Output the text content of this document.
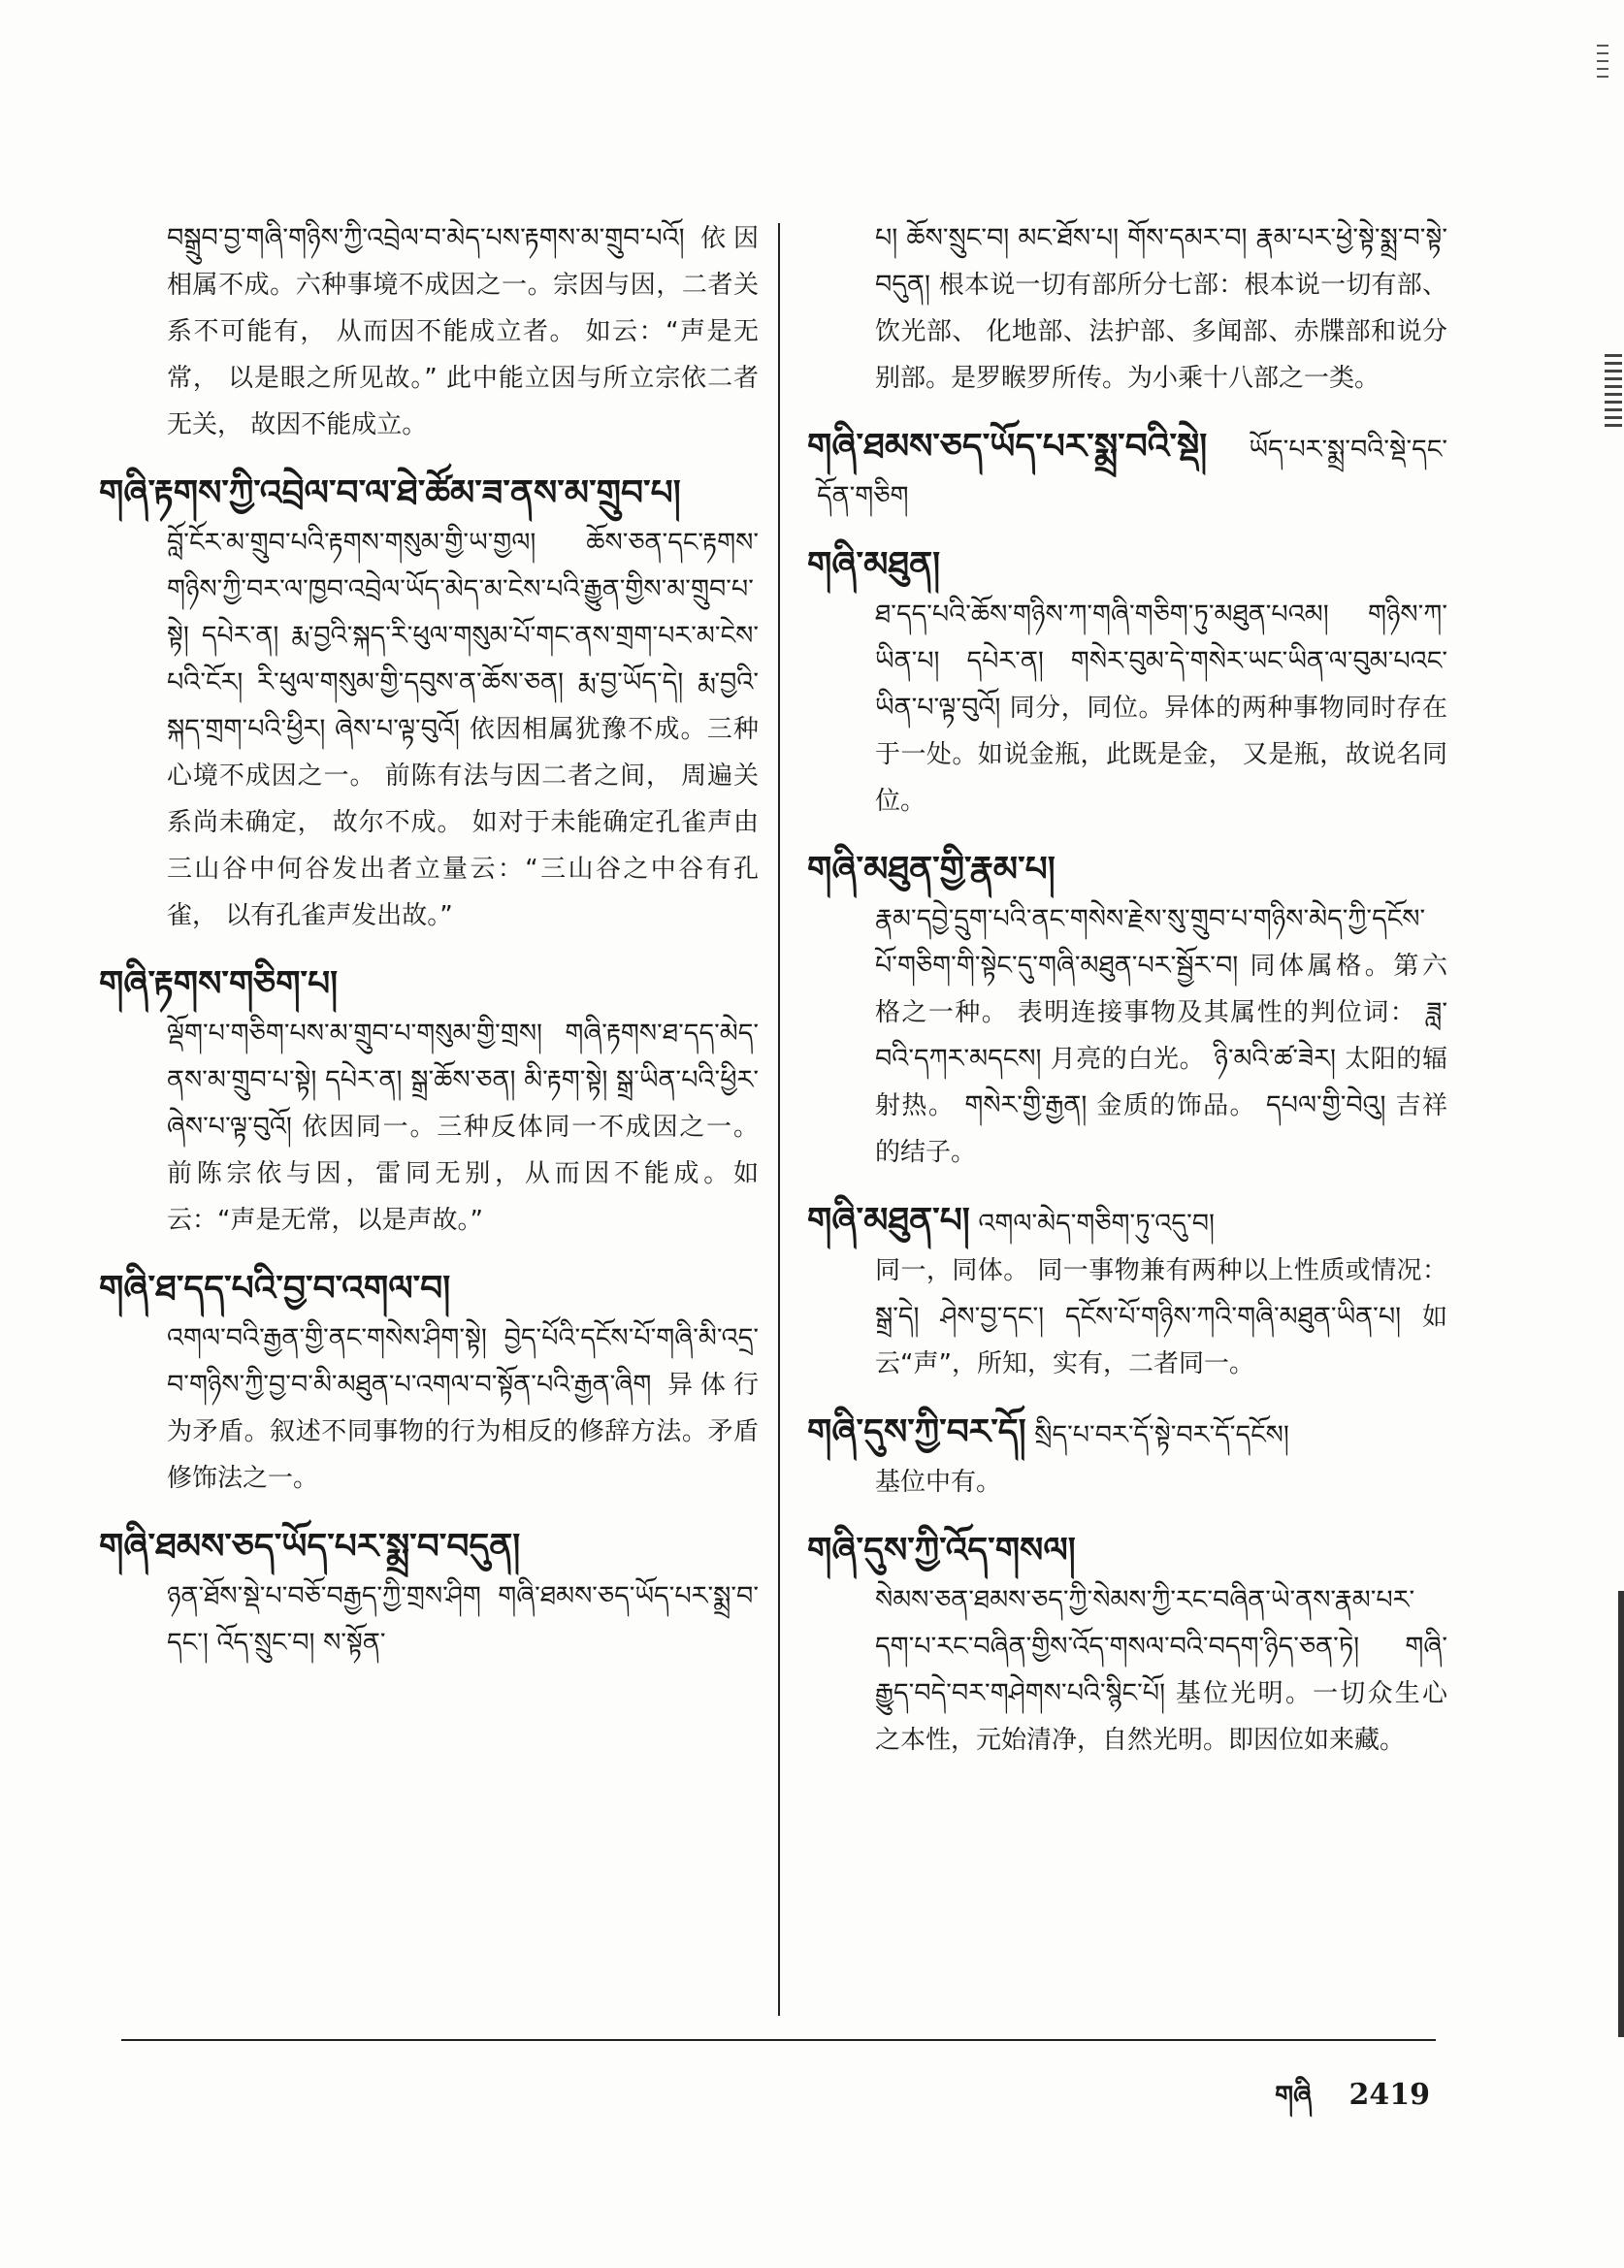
བསྒྲུབ་བྱ་གཞི་གཉིས་ཀྱི་འབྲེལ་བ་མེད་པས་རྟགས་མ་གྲུབ་པའོ། 依因相属不成。六种事境不成因之一。宗因与因，二者关系不可能有， 从而因不能成立者。 如云：“声是无常， 以是眼之所见故。” 此中能立因与所立宗依二者无关， 故因不能成立。
གཞི་རྟགས་ཀྱི་འབྲེལ་བ་ལ་ཐེ་ཚོམ་ཟ་ནས་མ་གྲུབ་པ།
བློ་ངོར་མ་གྲུབ་པའི་རྟགས་གསུམ་གྱི་ཡ་གྱལ། ཆོས་ཅན་དང་རྟགས་གཉིས་ཀྱི་བར་ལ་ཁྱབ་འབྲེལ་ཡོད་མེད་མ་ངེས་པའི་རྒྱུན་གྱིས་མ་གྲུབ་པ་སྟེ། དཔེར་ན། རྨ་བྱའི་སྐད་རི་ཕུལ་གསུམ་པོ་གང་ནས་གྲག་པར་མ་ངེས་པའི་ངོར། རི་ཕུལ་གསུམ་གྱི་དབུས་ན་ཆོས་ཅན། རྨ་བྱ་ཡོད་དེ། རྨ་བྱའི་སྐད་གྲག་པའི་ཕྱིར། ཞེས་པ་ལྟ་བུའོ། 依因相属犹豫不成。三种心境不成因之一。 前陈有法与因二者之间， 周遍关系尚未确定， 故尔不成。 如对于未能确定孔雀声由三山谷中何谷发出者立量云：“三山谷之中谷有孔雀， 以有孔雀声发出故。”
གཞི་རྟགས་གཅིག་པ།
ལྡོག་པ་གཅིག་པས་མ་གྲུབ་པ་གསུམ་གྱི་གྲས། གཞི་རྟགས་ཐ་དད་མེད་ནས་མ་གྲུབ་པ་སྟེ། དཔེར་ན། སྒྲ་ཆོས་ཅན། མི་རྟག་སྟེ། སྒྲ་ཡིན་པའི་ཕྱིར་ཞེས་པ་ལྟ་བུའོ། 依因同一。三种反体同一不成因之一。 前陈宗依与因，雷同无别，从而因不能成。如云：“声是无常，以是声故。”
གཞི་ཐ་དད་པའི་བྱ་བ་འགལ་བ།
འགལ་བའི་རྒྱན་གྱི་ནང་གསེས་ཤིག་སྟེ། བྱེད་པོའི་དངོས་པོ་གཞི་མི་འདྲ་བ་གཉིས་ཀྱི་བྱ་བ་མི་མཐུན་པ་འགལ་བ་སྟོན་པའི་རྒྱན་ཞིག 异体行为矛盾。叙述不同事物的行为相反的修辞方法。矛盾修饰法之一。
གཞི་ཐམས་ཅད་ཡོད་པར་སྨྲ་བ་བདུན།
ཉན་ཐོས་སྡེ་པ་བཅོ་བརྒྱད་ཀྱི་གྲས་ཤིག གཞི་ཐམས་ཅད་ཡོད་པར་སྨྲ་བ་དང་། འོད་སྲུང་བ། ས་སྟོན་
པ། ཆོས་སྲུང་བ། མང་ཐོས་པ། གོས་དམར་བ། རྣམ་པར་ཕྱེ་སྟེ་སྨྲ་བ་སྟེ་བདུན། 根本说一切有部所分七部：根本说一切有部、饮光部、 化地部、法护部、多闻部、赤牒部和说分别部。是罗睺罗所传。为小乘十八部之一类。
གཞི་ཐམས་ཅད་ཡོད་པར་སྨྲ་བའི་སྡེ། ཡོད་པར་སྨྲ་བའི་སྡེ་དང་དོན་གཅིག
གཞི་མཐུན།
ཐ་དད་པའི་ཆོས་གཉིས་ཀ་གཞི་གཅིག་ཏུ་མཐུན་པའམ། གཉིས་ཀ་ཡིན་པ། དཔེར་ན། གསེར་བུམ་དེ་གསེར་ཡང་ཡིན་ལ་བུམ་པའང་ཡིན་པ་ལྟ་བུའོ། 同分，同位。异体的两种事物同时存在于一处。如说金瓶，此既是金， 又是瓶，故说名同位。
གཞི་མཐུན་གྱི་རྣམ་པ།
རྣམ་དབྱེ་དྲུག་པའི་ནང་གསེས་རྗེས་སུ་གྲུབ་པ་གཉིས་མེད་ཀྱི་དངོས་པོ་གཅིག་གི་སྟེང་དུ་གཞི་མཐུན་པར་སྦྱོར་བ། 同体属格。第六格之一种。 表明连接事物及其属性的判位词： ཟླ་བའི་དཀར་མདངས། 月亮的白光。 ཉི་མའི་ཚ་ཟེར། 太阳的辐射热。 གསེར་གྱི་རྒྱན། 金质的饰品。 དཔལ་གྱི་བེའུ། 吉祥的结子。
གཞི་མཐུན་པ། འགལ་མེད་གཅིག་ཏུ་འདུ་བ།
同一，同体。 同一事物兼有两种以上性质或情况： སྒྲ་དེ། ཤེས་བྱ་དང་། དངོས་པོ་གཉིས་ཀའི་གཞི་མཐུན་ཡིན་པ། 如云“声”，所知，实有，二者同一。
གཞི་དུས་ཀྱི་བར་དོ། སྲིད་པ་བར་དོ་སྟེ་བར་དོ་དངོས།
基位中有。
གཞི་དུས་ཀྱི་འོད་གསལ།
སེམས་ཅན་ཐམས་ཅད་ཀྱི་སེམས་ཀྱི་རང་བཞིན་ཡེ་ནས་རྣམ་པར་དག་པ་རང་བཞིན་གྱིས་འོད་གསལ་བའི་བདག་ཉིད་ཅན་ཏེ། གཞི་རྒྱུད་བདེ་བར་གཤེགས་པའི་སྙིང་པོ། 基位光明。一切众生心之本性，元始清净，自然光明。即因位如来藏。
གཞི 2419
